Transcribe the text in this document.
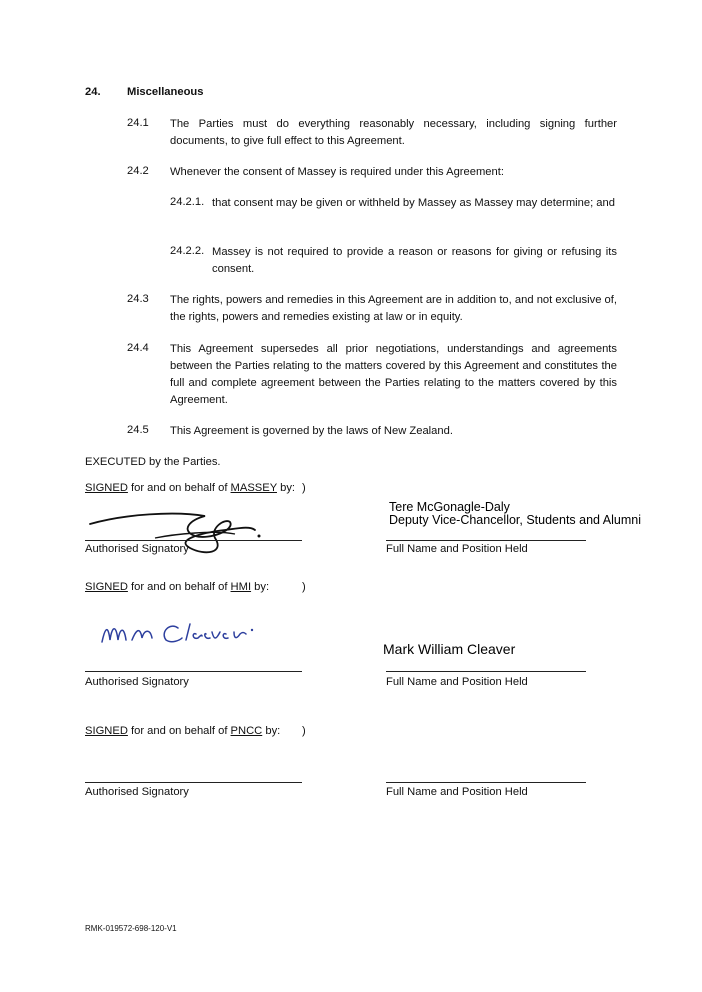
24. Miscellaneous
24.1 The Parties must do everything reasonably necessary, including signing further documents, to give full effect to this Agreement.
24.2 Whenever the consent of Massey is required under this Agreement:
24.2.1. that consent may be given or withheld by Massey as Massey may determine; and
24.2.2. Massey is not required to provide a reason or reasons for giving or refusing its consent.
24.3 The rights, powers and remedies in this Agreement are in addition to, and not exclusive of, the rights, powers and remedies existing at law or in equity.
24.4 This Agreement supersedes all prior negotiations, understandings and agreements between the Parties relating to the matters covered by this Agreement and constitutes the full and complete agreement between the Parties relating to the matters covered by this Agreement.
24.5 This Agreement is governed by the laws of New Zealand.
EXECUTED by the Parties.
SIGNED for and on behalf of MASSEY by: )
Tere McGonagle-Daly
Deputy Vice-Chancellor, Students and Alumni
Authorised Signatory	Full Name and Position Held
SIGNED for and on behalf of HMI by:	)
Mark William Cleaver
Authorised Signatory	Full Name and Position Held
SIGNED for and on behalf of PNCC by: )
Authorised Signatory	Full Name and Position Held
RMK-019572-698-120-V1
